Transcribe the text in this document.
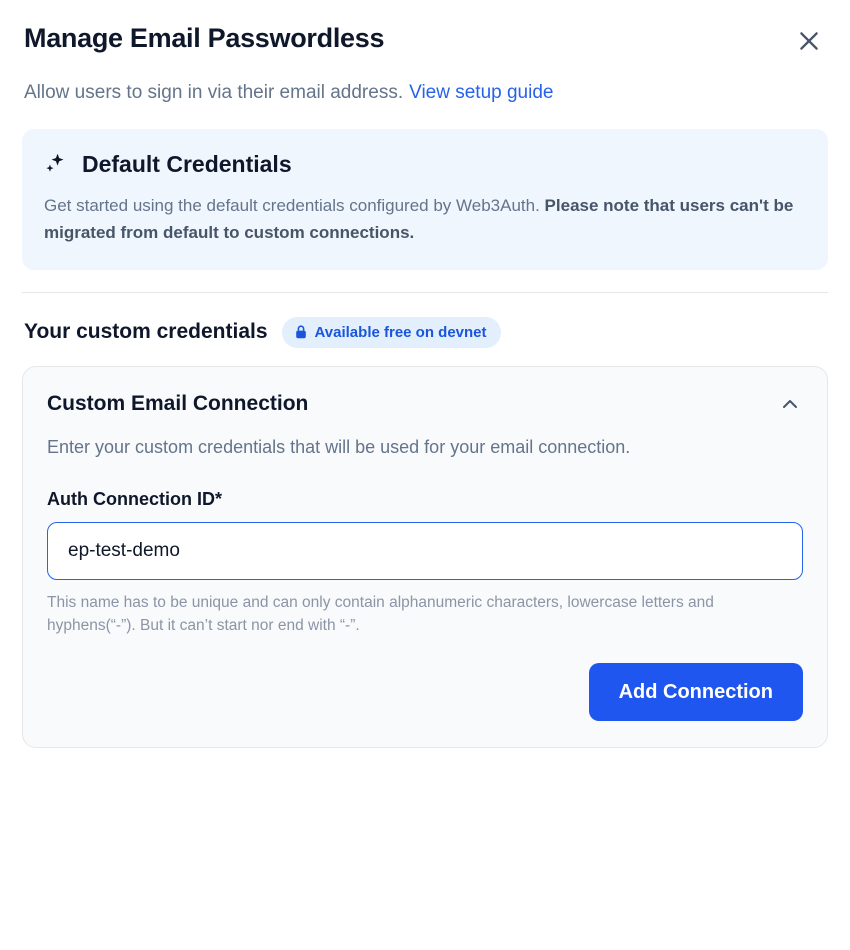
Manage Email Passwordless
Allow users to sign in via their email address. View setup guide
Default Credentials
Get started using the default credentials configured by Web3Auth. Please note that users can't be migrated from default to custom connections.
Your custom credentials	Available free on devnet
Custom Email Connection
Enter your custom credentials that will be used for your email connection.
Auth Connection ID*
ep-test-demo
This name has to be unique and can only contain alphanumeric characters, lowercase letters and hyphens(“-”). But it can’t start nor end with “-”.
Add Connection
